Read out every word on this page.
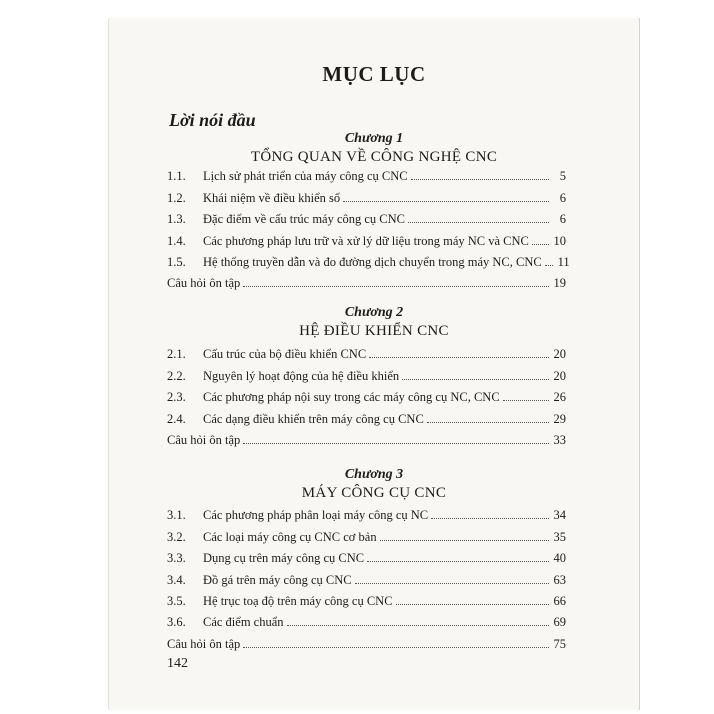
MỤC LỤC
Lời nói đầu
Chương 1
TỔNG QUAN VỀ CÔNG NGHỆ CNC
1.1.	Lịch sử phát triển của máy công cụ CNC	5
1.2.	Khái niệm về điều khiển số	6
1.3.	Đặc điểm về cấu trúc máy công cụ CNC	6
1.4.	Các phương pháp lưu trữ và xử lý dữ liệu trong máy NC và CNC 10
1.5.	Hệ thống truyền dẫn và đo đường dịch chuyển trong máy NC, CNC 11
Câu hỏi ôn tập	19
Chương 2
HỆ ĐIỀU KHIỂN CNC
2.1.	Cấu trúc của bộ điều khiển CNC	20
2.2.	Nguyên lý hoạt động của hệ điều khiển	20
2.3.	Các phương pháp nội suy trong các máy công cụ NC, CNC	26
2.4.	Các dạng điều khiển trên máy công cụ CNC	29
Câu hỏi ôn tập	33
Chương 3
MÁY CÔNG CỤ CNC
3.1.	Các phương pháp phân loại máy công cụ NC	34
3.2.	Các loại máy công cụ CNC cơ bản	35
3.3.	Dụng cụ trên máy công cụ CNC	40
3.4.	Đồ gá trên máy công cụ CNC	63
3.5.	Hệ trục toạ độ trên máy công cụ CNC	66
3.6.	Các điểm chuẩn	69
Câu hỏi ôn tập	75
142
